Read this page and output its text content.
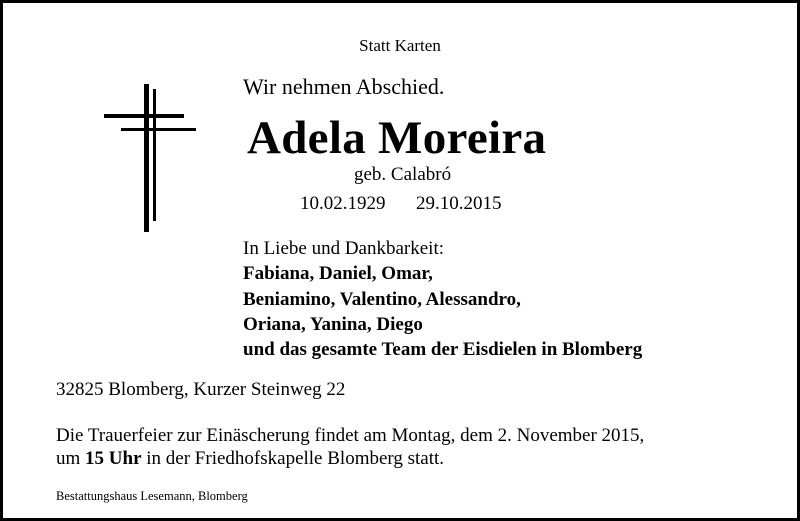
Statt Karten
Wir nehmen Abschied.
Adela Moreira
geb. Calabró
10.02.1929 29.10.2015
In Liebe und Dankbarkeit:
Fabiana, Daniel, Omar,
Beniamino, Valentino, Alessandro,
Oriana, Yanina, Diego
und das gesamte Team der Eisdielen in Blomberg
32825 Blomberg, Kurzer Steinweg 22
Die Trauerfeier zur Einäscherung findet am Montag, dem 2. November 2015,
um 15 Uhr in der Friedhofskapelle Blomberg statt.
Bestattungshaus Lesemann, Blomberg
